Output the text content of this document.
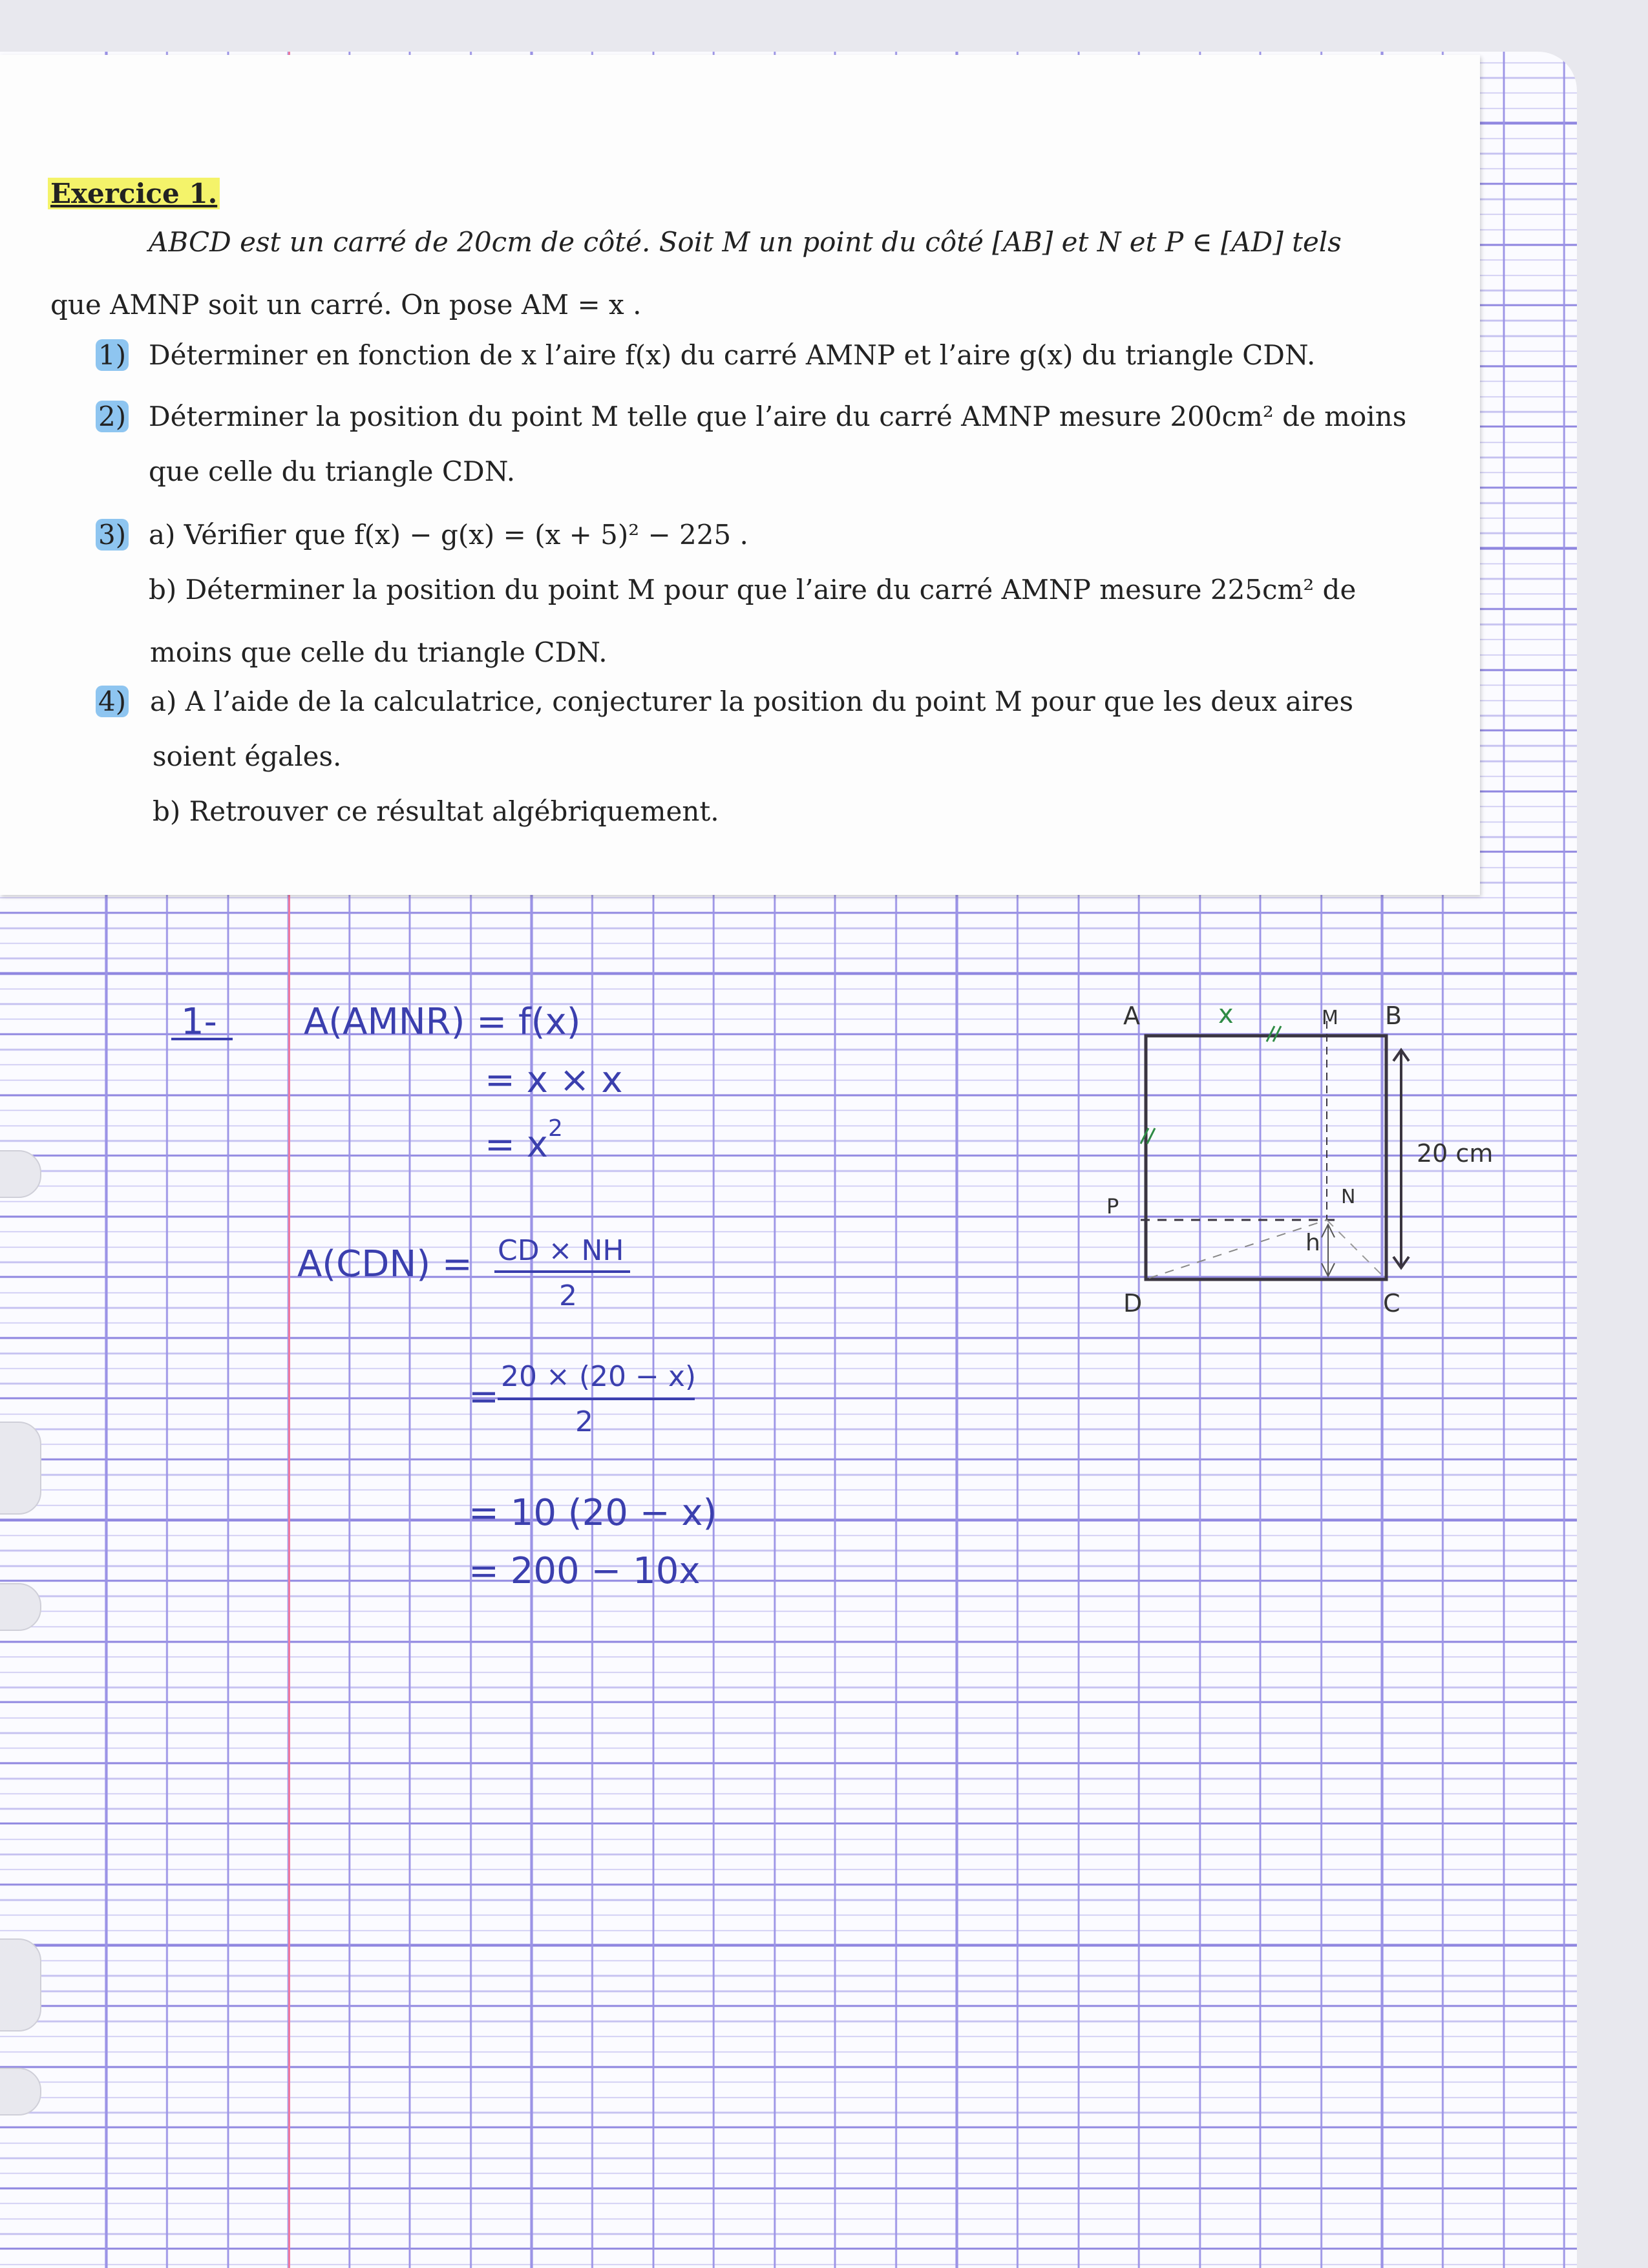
Exercice 1.
ABCD est un carré de 20cm de côté. Soit M un point du côté [AB] et N et P ∈ [AD] tels
que AMNP soit un carré. On pose AM = x .
1) Déterminer en fonction de x l’aire f(x) du carré AMNP et l’aire g(x) du triangle CDN.
2) Déterminer la position du point M telle que l’aire du carré AMNP mesure 200cm² de moins
que celle du triangle CDN.
3) a) Vérifier que f(x) − g(x) = (x + 5)² − 225 .
b) Déterminer la position du point M pour que l’aire du carré AMNP mesure 225cm² de
moins que celle du triangle CDN.
4) a) A l’aide de la calculatrice, conjecturer la position du point M pour que les deux aires
soient égales.
b) Retrouver ce résultat algébriquement.
1- A(AMNR) = f(x)
= x × x
= x 2
A(CDN) = CD × NH
2
= 20 × (20 − x)
2
= 10 (20 − x)
= 200 − 10x
A	M B
D	C
P	N
h
20 cm
x
